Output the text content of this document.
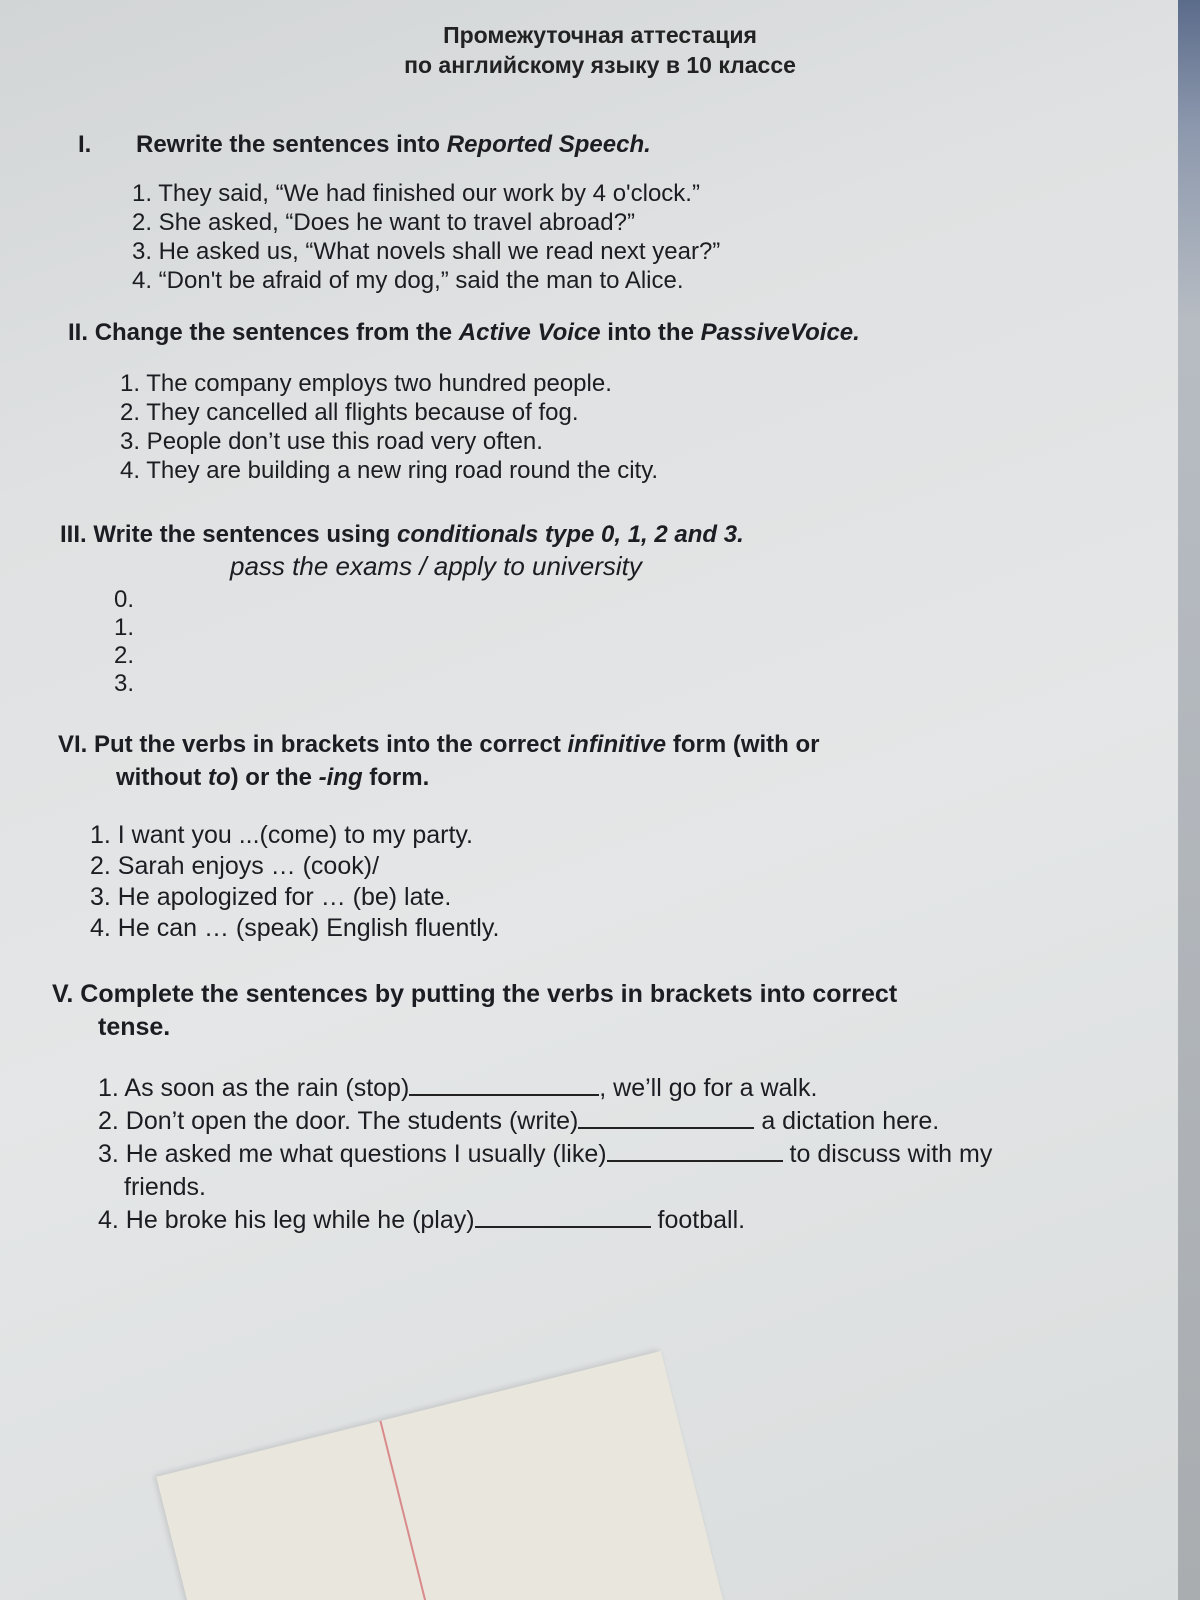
Промежуточная аттестация
по английскому языку в 10 классе
I. Rewrite the sentences into Reported Speech.
1. They said, “We had finished our work by 4 o'clock.”
2. She asked, “Does he want to travel abroad?”
3. He asked us, “What novels shall we read next year?”
4. “Don't be afraid of my dog,” said the man to Alice.
II. Change the sentences from the Active Voice into the PassiveVoice.
1. The company employs two hundred people.
2. They cancelled all flights because of fog.
3. People don’t use this road very often.
4. They are building a new ring road round the city.
III. Write the sentences using conditionals type 0, 1, 2 and 3.
pass the exams / apply to university
0.
1.
2.
3.
VI. Put the verbs in brackets into the correct infinitive form (with or
without to) or the -ing form.
1. I want you ...(come) to my party.
2. Sarah enjoys … (cook)/
3. He apologized for … (be) late.
4. He can … (speak) English fluently.
V. Complete the sentences by putting the verbs in brackets into correct
tense.
1. As soon as the rain (stop)	, we’ll go for a walk.
2. Don’t open the door. The students (write)	a dictation here.
3. He asked me what questions I usually (like)	to discuss with my
friends.
4. He broke his leg while he (play)	football.
